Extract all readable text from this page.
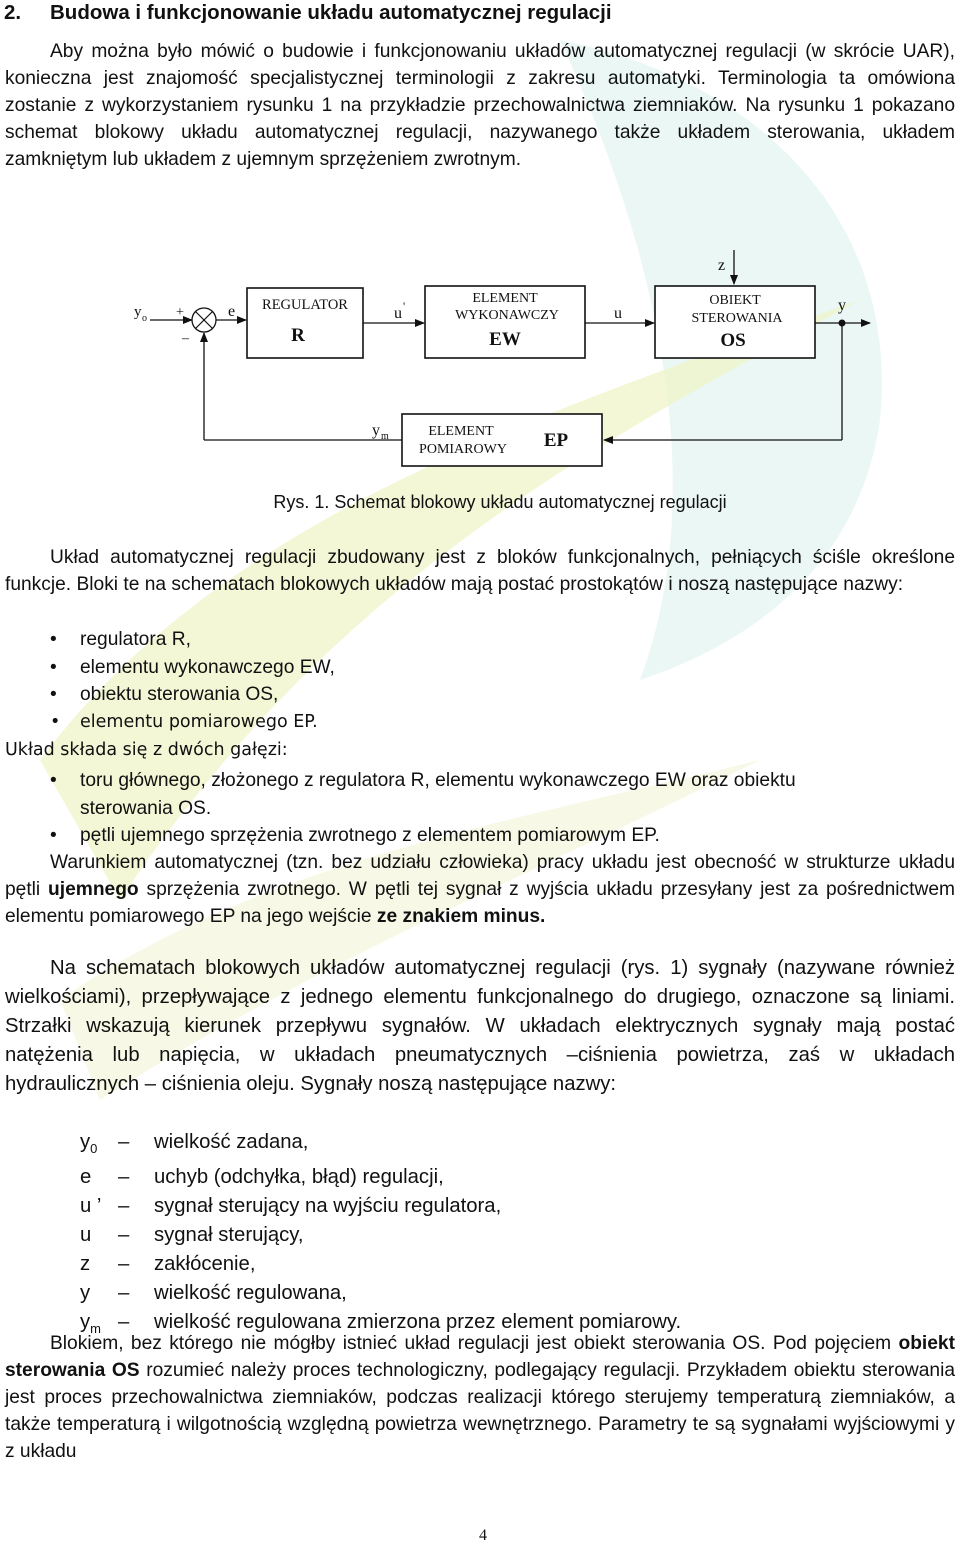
2. Budowa i funkcjonowanie układu automatycznej regulacji
Aby można było mówić o budowie i funkcjonowaniu układów automatycznej regulacji (w skrócie UAR), konieczna jest znajomość specjalistycznej terminologii z zakresu automatyki. Terminologia ta omówiona zostanie z wykorzystaniem rysunku 1 na przykładzie przechowalnictwa ziemniaków. Na rysunku 1 pokazano schemat blokowy układu automatycznej regulacji, nazywanego także układem sterowania, układem zamkniętym lub układem z ujemnym sprzężeniem zwrotnym.
y o +
–
e REGULATOR
R
u '	ELEMENT
WYKONAWCZY
EW
u
z
OBIEKT
STEROWANIA
OS
y
ELEMENT
POMIAROWY EP
y m
Rys. 1. Schemat blokowy układu automatycznej regulacji
Układ automatycznej regulacji zbudowany jest z bloków funkcjonalnych, pełniących ściśle określone funkcje. Bloki te na schematach blokowych układów mają postać prostokątów i noszą następujące nazwy:
• regulatora R,
• elementu wykonawczego EW,
• obiektu sterowania OS,
• elementu pomiarowego EP.
Układ składa się z dwóch gałęzi:
• toru głównego, złożonego z regulatora R, elementu wykonawczego EW oraz obiektu
sterowania OS.
• pętli ujemnego sprzężenia zwrotnego z elementem pomiarowym EP.
Warunkiem automatycznej (tzn. bez udziału człowieka) pracy układu jest obecność w strukturze układu pętli ujemnego sprzężenia zwrotnego. W pętli tej sygnał z wyjścia układu przesyłany jest za pośrednictwem elementu pomiarowego EP na jego wejście ze znakiem minus.
Na schematach blokowych układów automatycznej regulacji (rys. 1) sygnały (nazywane również wielkościami), przepływające z jednego elementu funkcjonalnego do drugiego, oznaczone są liniami. Strzałki wskazują kierunek przepływu sygnałów. W układach elektrycznych sygnały mają postać natężenia lub napięcia, w układach pneumatycznych –ciśnienia powietrza, zaś w układach hydraulicznych – ciśnienia oleju. Sygnały noszą następujące nazwy:
$y_0$ – wielkość zadana,
e – uchyb (odchyłka, błąd) regulacji,
u ’ – sygnał sterujący na wyjściu regulatora,
u – sygnał sterujący,
z – zakłócenie,
y – wielkość regulowana,
$y_m$ – wielkość regulowana zmierzona przez element pomiarowy.
Blokiem, bez którego nie mógłby istnieć układ regulacji jest obiekt sterowania OS. Pod pojęciem obiekt sterowania OS rozumieć należy proces technologiczny, podlegający regulacji. Przykładem obiektu sterowania jest proces przechowalnictwa ziemniaków, podczas realizacji którego sterujemy temperaturą ziemniaków, a także temperaturą i wilgotnością względną powietrza wewnętrznego. Parametry te są sygnałami wyjściowymi y z układu
4
